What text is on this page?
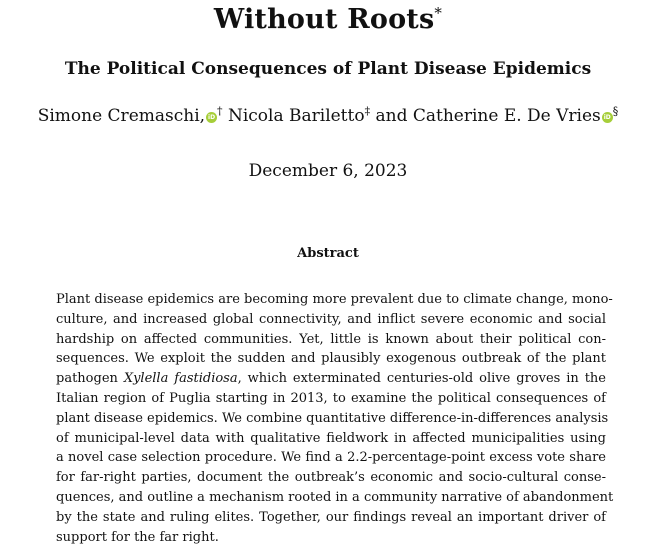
Without Roots*
The Political Consequences of Plant Disease Epidemics
Simone Cremaschi, iD† Nicola Bariletto‡ and Catherine E. De Vries iD§
December 6, 2023
Abstract
Plant disease epidemics are becoming more prevalent due to climate change, mono-
culture, and increased global connectivity, and inflict severe economic and social
hardship on affected communities. Yet, little is known about their political con-
sequences. We exploit the sudden and plausibly exogenous outbreak of the plant
pathogen Xylella fastidiosa, which exterminated centuries-old olive groves in the
Italian region of Puglia starting in 2013, to examine the political consequences of
plant disease epidemics. We combine quantitative difference-in-differences analysis
of municipal-level data with qualitative fieldwork in affected municipalities using
a novel case selection procedure. We find a 2.2-percentage-point excess vote share
for far-right parties, document the outbreak’s economic and socio-cultural conse-
quences, and outline a mechanism rooted in a community narrative of abandonment
by the state and ruling elites. Together, our findings reveal an important driver of
support for the far right.
